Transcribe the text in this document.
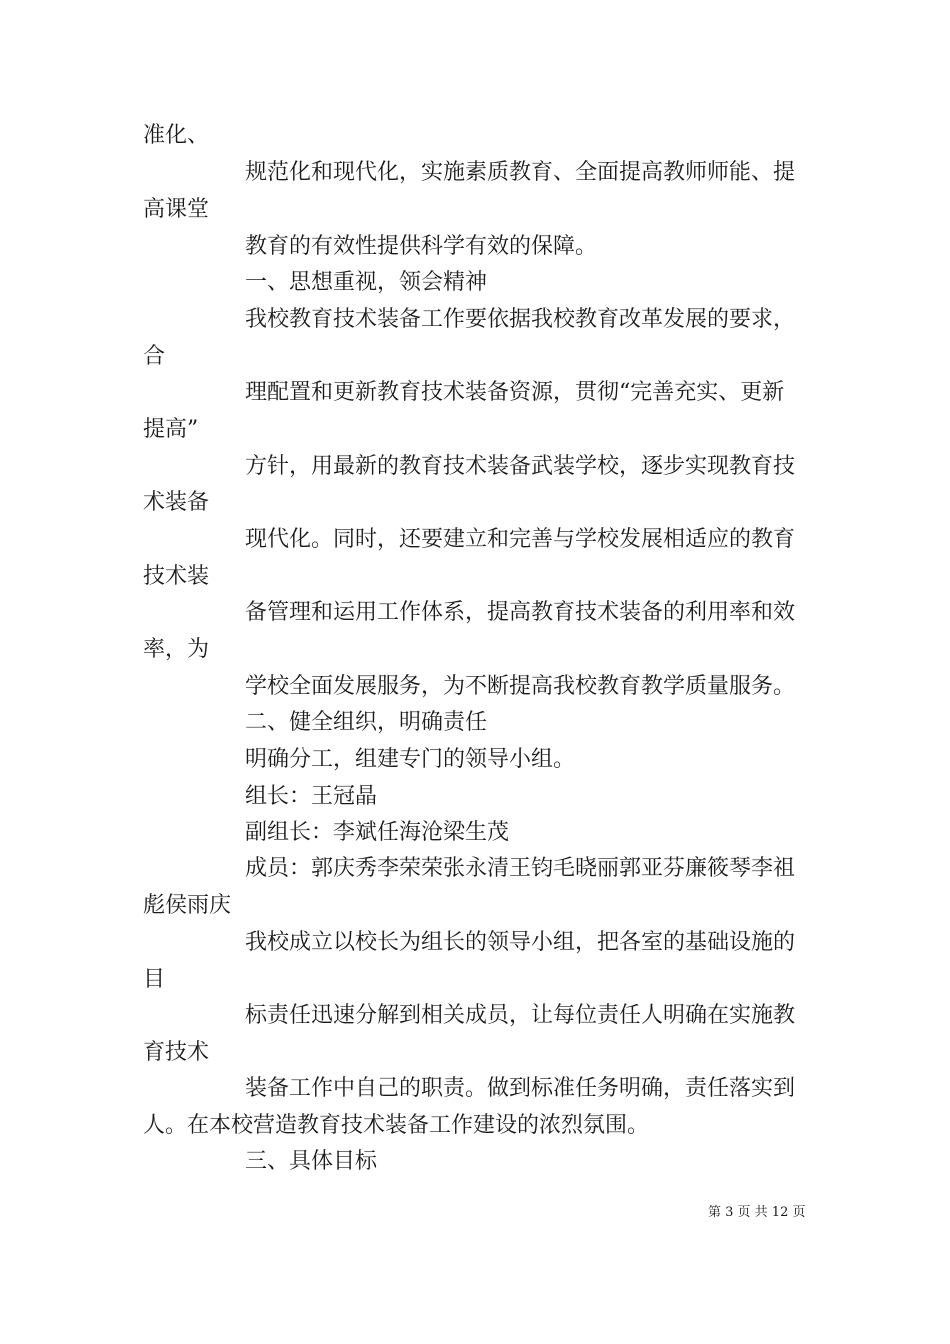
准化、
规范化和现代化，实施素质教育、全面提高教师师能、提
高课堂
教育的有效性提供科学有效的保障。
一、思想重视，领会精神
我校教育技术装备工作要依据我校教育改革发展的要求，
合
理配置和更新教育技术装备资源，贯彻“完善充实、更新
提高”
方针，用最新的教育技术装备武装学校，逐步实现教育技
术装备
现代化。同时，还要建立和完善与学校发展相适应的教育
技术装
备管理和运用工作体系，提高教育技术装备的利用率和效
率，为
学校全面发展服务，为不断提高我校教育教学质量服务。
二、健全组织，明确责任
明确分工，组建专门的领导小组。
组长：王冠晶
副组长：李斌任海沧梁生茂
成员：郭庆秀李荣荣张永清王钧毛晓丽郭亚芬廉筱琴李祖
彪侯雨庆
我校成立以校长为组长的领导小组，把各室的基础设施的
目
标责任迅速分解到相关成员，让每位责任人明确在实施教
育技术
装备工作中自己的职责。做到标准任务明确，责任落实到
人。在本校营造教育技术装备工作建设的浓烈氛围。
三、具体目标
第 3 页 共 12 页
